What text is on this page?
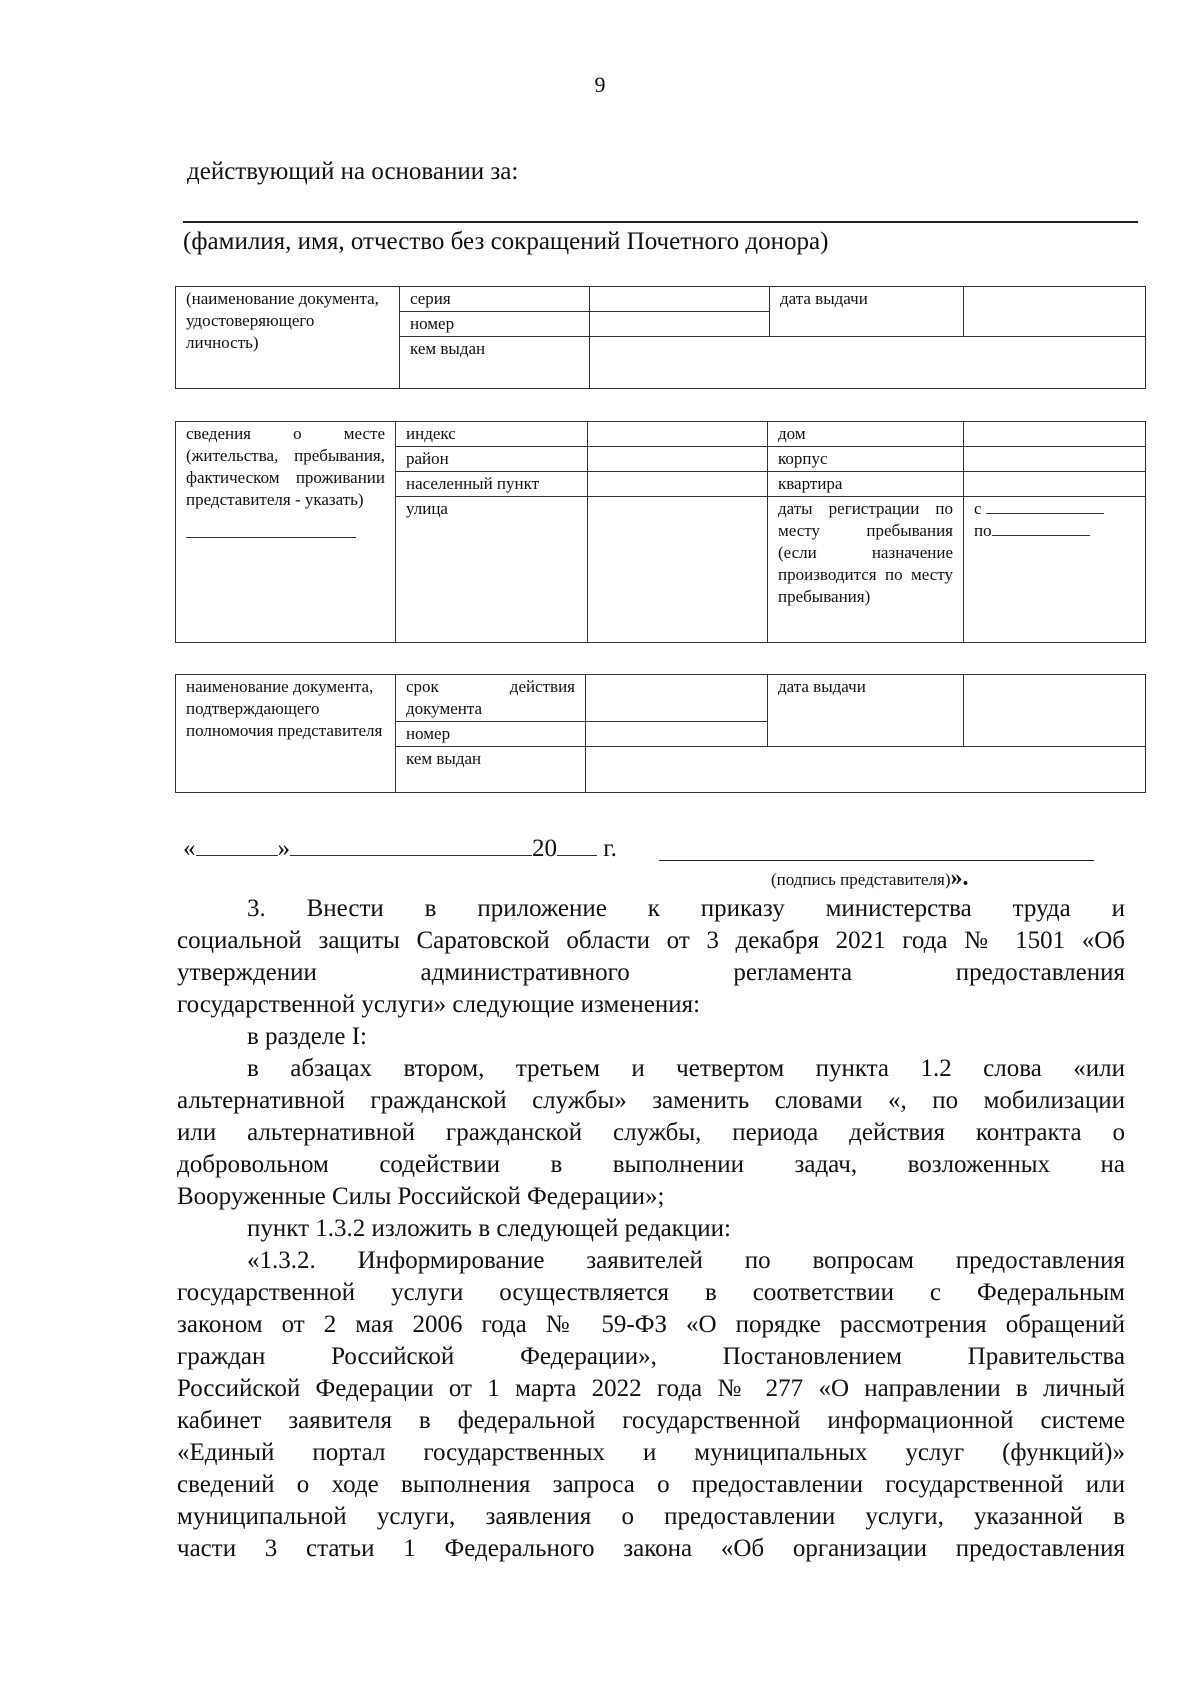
9
действующий на основании за:
(фамилия, имя, отчество без сокращений Почетного донора)
(наименование документа, удостоверяющего личность)	серия		дата выдачи	
	номер			
	кем выдан			
сведения о месте (жительства, пребывания, фактическом проживании представителя - указать)	индекс		дом	
	район		корпус	
	населенный пункт		квартира	
	улица		даты регистрации по месту пребывания (если назначение производится по месту пребывания)	с
по
наименование документа, подтверждающего полномочия представителя	срок действия документа		дата выдачи	
	номер			
	кем выдан			
«	»	20 г.
(подпись представителя)».

3. Внести в приложение к приказу министерства труда и

социальной защиты Саратовской области от 3 декабря 2021 года № 1501 «Об

утверждении административного регламента предоставления

государственной услуги» следующие изменения:

в разделе I:

в абзацах втором, третьем и четвертом пункта 1.2 слова «или

альтернативной гражданской службы» заменить словами «, по мобилизации

или альтернативной гражданской службы, периода действия контракта о

добровольном содействии в выполнении задач, возложенных на

Вооруженные Силы Российской Федерации»;

пункт 1.3.2 изложить в следующей редакции:

«1.3.2. Информирование заявителей по вопросам предоставления

государственной услуги осуществляется в соответствии с Федеральным

законом от 2 мая 2006 года № 59-ФЗ «О порядке рассмотрения обращений

граждан Российской Федерации», Постановлением Правительства

Российской Федерации от 1 марта 2022 года № 277 «О направлении в личный

кабинет заявителя в федеральной государственной информационной системе

«Единый портал государственных и муниципальных услуг (функций)»

сведений о ходе выполнения запроса о предоставлении государственной или

муниципальной услуги, заявления о предоставлении услуги, указанной в

части 3 статьи 1 Федерального закона «Об организации предоставления
